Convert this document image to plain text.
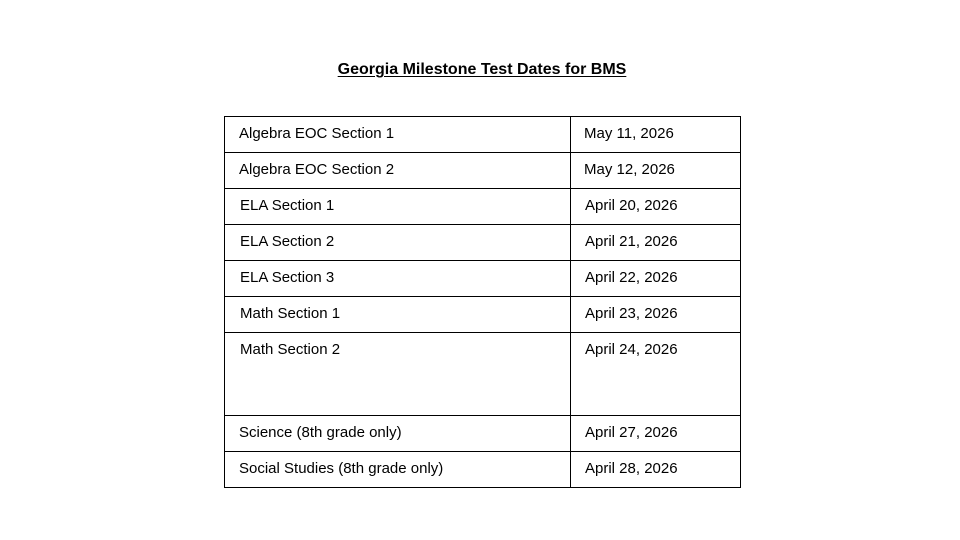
Georgia Milestone Test Dates for BMS
Algebra EOC Section 1	May 11, 2026
Algebra EOC Section 2	May 12, 2026
ELA Section 1	April 20, 2026
ELA Section 2	April 21, 2026
ELA Section 3	April 22, 2026
Math Section 1	April 23, 2026
Math Section 2	April 24, 2026
Science (8th grade only)	April 27, 2026
Social Studies (8th grade only)	April 28, 2026
